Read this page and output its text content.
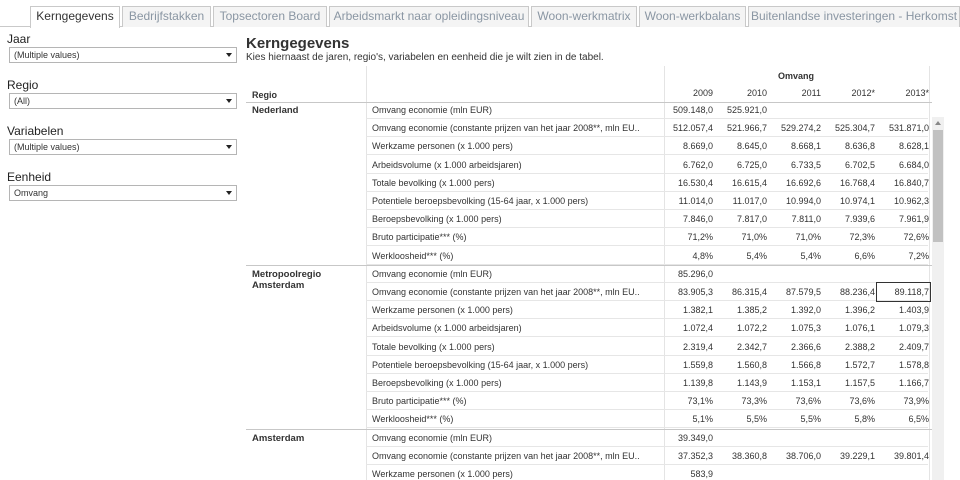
Kerngegevens	Bedrijfstakken	Topsectoren Board	Arbeidsmarkt naar opleidingsniveau	Woon-werkmatrix	Woon-werkbalans Buitenlandse investeringen - Herkomst
Jaar
(Multiple values)
Regio
(All)
Variabelen
(Multiple values)
Eenheid
Omvang
Kerngegevens
Kies hiernaast de jaren, regio's, variabelen en eenheid die je wilt zien in de tabel.
Omvang
Regio	2009	2010	2011	2012*	2013*
Nederland	Omvang economie (mln EUR)	509.148,0	525.921,0
Omvang economie (constante prijzen van het jaar 2008**, mln EU..	512.057,4	521.966,7	529.274,2	525.304,7	531.871,0
Werkzame personen (x 1.000 pers)	8.669,0	8.645,0	8.668,1	8.636,8	8.628,1
Arbeidsvolume (x 1.000 arbeidsjaren)	6.762,0	6.725,0	6.733,5	6.702,5	6.684,0
Totale bevolking (x 1.000 pers)	16.530,4	16.615,4	16.692,6	16.768,4	16.840,7
Potentiele beroepsbevolking (15-64 jaar, x 1.000 pers)	11.014,0	11.017,0	10.994,0	10.974,1	10.962,3
Beroepsbevolking (x 1.000 pers)	7.846,0	7.817,0	7.811,0	7.939,6	7.961,9
Bruto participatie*** (%)	71,2%	71,0%	71,0%	72,3%	72,6%
Werkloosheid*** (%)	4,8%	5,4%	5,4%	6,6%	7,2%
Metropoolregio Amsterdam
Omvang economie (mln EUR)	85.296,0
Omvang economie (constante prijzen van het jaar 2008**, mln EU..	83.905,3	86.315,4	87.579,5	88.236,4	89.118,7
Werkzame personen (x 1.000 pers)	1.382,1	1.385,2	1.392,0	1.396,2	1.403,9
Arbeidsvolume (x 1.000 arbeidsjaren)	1.072,4	1.072,2	1.075,3	1.076,1	1.079,3
Totale bevolking (x 1.000 pers)	2.319,4	2.342,7	2.366,6	2.388,2	2.409,7
Potentiele beroepsbevolking (15-64 jaar, x 1.000 pers)	1.559,8	1.560,8	1.566,8	1.572,7	1.578,8
Beroepsbevolking (x 1.000 pers)	1.139,8	1.143,9	1.153,1	1.157,5	1.166,7
Bruto participatie*** (%)	73,1%	73,3%	73,6%	73,6%	73,9%
Werkloosheid*** (%)	5,1%	5,5%	5,5%	5,8%	6,5%
Amsterdam	Omvang economie (mln EUR)	39.349,0
Omvang economie (constante prijzen van het jaar 2008**, mln EU..	37.352,3	38.360,8	38.706,0	39.229,1	39.801,4
Werkzame personen (x 1.000 pers)	583,9
